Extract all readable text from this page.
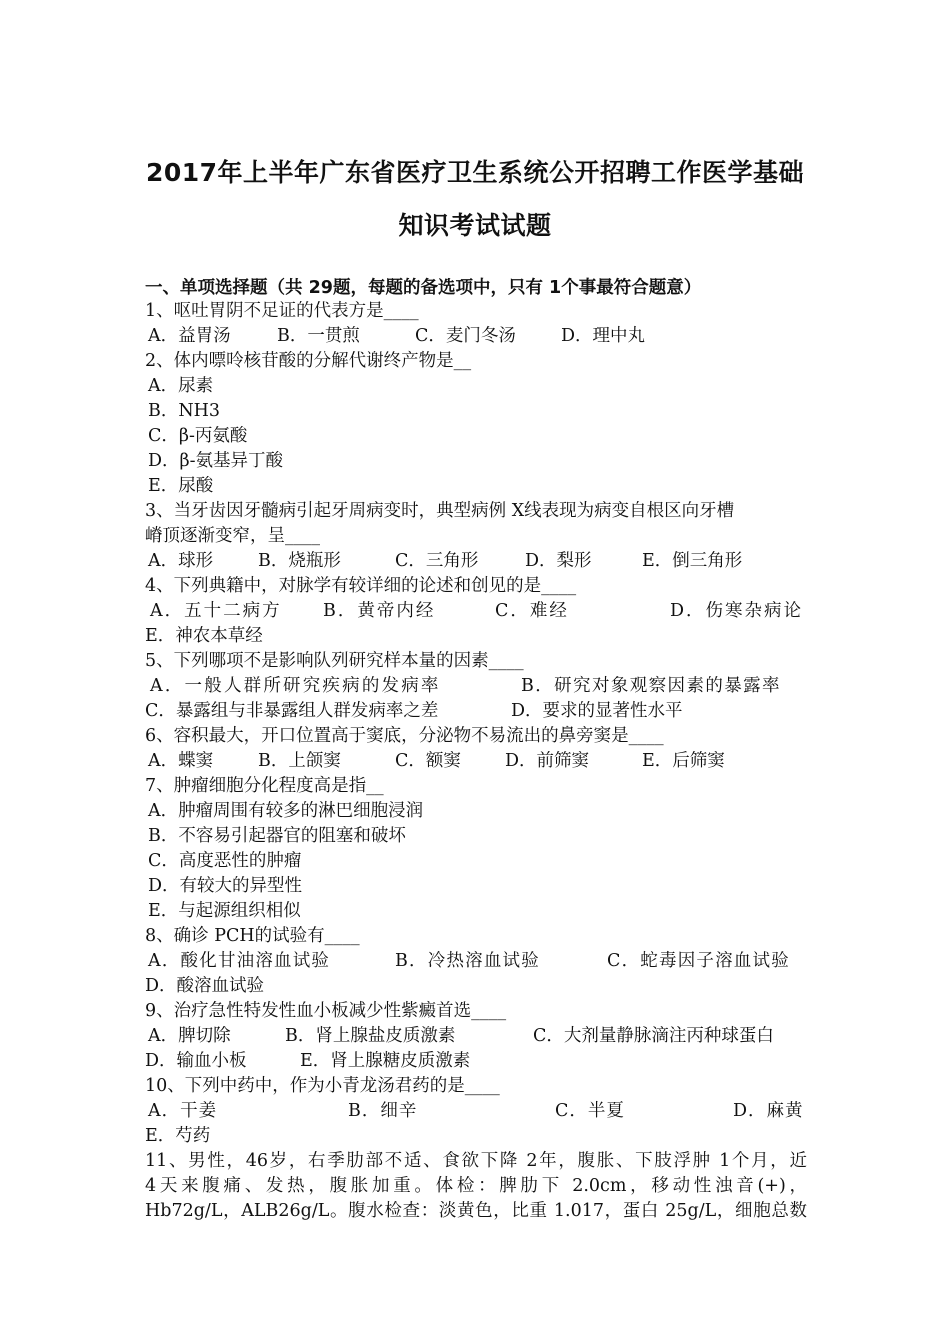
2017年上半年广东省医疗卫生系统公开招聘工作医学基础
知识考试试题
一、单项选择题（共 29题，每题的备选项中，只有 1个事最符合题意）
1、呕吐胃阴不足证的代表方是____
A．益胃汤	B．一贯煎	C．麦门冬汤	D．理中丸
2、体内嘌呤核苷酸的分解代谢终产物是__
A．尿素
B．NH3
C．β-丙氨酸
D．β-氨基异丁酸
E．尿酸
3、当牙齿因牙髓病引起牙周病变时，典型病例 X线表现为病变自根区向牙槽
嵴顶逐渐变窄，呈____
A．球形	B．烧瓶形	C．三角形	D．梨形	E．倒三角形
4、下列典籍中，对脉学有较详细的论述和创见的是____
A．五十二病方 B．黄帝内经	C．难经	D．伤寒杂病论
E．神农本草经
5、下列哪项不是影响队列研究样本量的因素____
A．一般人群所研究疾病的发病率	B．研究对象观察因素的暴露率
C．暴露组与非暴露组人群发病率之差	D．要求的显著性水平
6、容积最大，开口位置高于窦底，分泌物不易流出的鼻旁窦是____
A．蝶窦	B．上颌窦	C．额窦	D．前筛窦	E．后筛窦
7、肿瘤细胞分化程度高是指__
A．肿瘤周围有较多的淋巴细胞浸润
B．不容易引起器官的阻塞和破坏
C．高度恶性的肿瘤
D．有较大的异型性
E．与起源组织相似
8、确诊 PCH的试验有____
A．酸化甘油溶血试验	B．冷热溶血试验	C．蛇毒因子溶血试验
D．酸溶血试验
9、治疗急性特发性血小板减少性紫癜首选____
A．脾切除	B．肾上腺盐皮质激素	C．大剂量静脉滴注丙种球蛋白
D．输血小板	E．肾上腺糖皮质激素
10、下列中药中，作为小青龙汤君药的是____
A．干姜	B．细辛	C．半夏	D．麻黄
E．芍药
11、男性，46岁，右季肋部不适、食欲下降 2年，腹胀、下肢浮肿 1个月，近
4天来腹痛、发热，腹胀加重。体检：脾肋下 2.0cm，移动性浊音(+)，
Hb72g/L，ALB26g/L。腹水检查：淡黄色，比重 1.017，蛋白 25g/L，细胞总数
